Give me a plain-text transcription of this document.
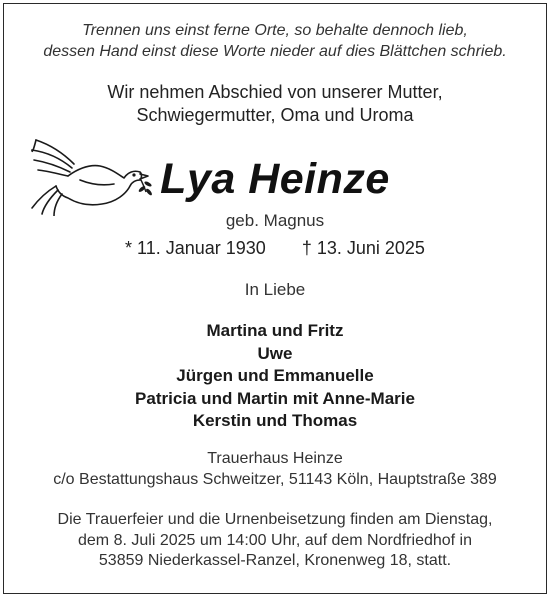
Trennen uns einst ferne Orte, so behalte dennoch lieb,
dessen Hand einst diese Worte nieder auf dies Blättchen schrieb.
Wir nehmen Abschied von unserer Mutter,
Schwiegermutter, Oma und Uroma
Lya Heinze
geb. Magnus
* 11. Januar 1930 † 13. Juni 2025
In Liebe
Martina und Fritz
Uwe
Jürgen und Emmanuelle
Patricia und Martin mit Anne-Marie
Kerstin und Thomas
Trauerhaus Heinze
c/o Bestattungshaus Schweitzer, 51143 Köln, Hauptstraße 389
Die Trauerfeier und die Urnenbeisetzung finden am Dienstag,
dem 8. Juli 2025 um 14:00 Uhr, auf dem Nordfriedhof in
53859 Niederkassel-Ranzel, Kronenweg 18, statt.
